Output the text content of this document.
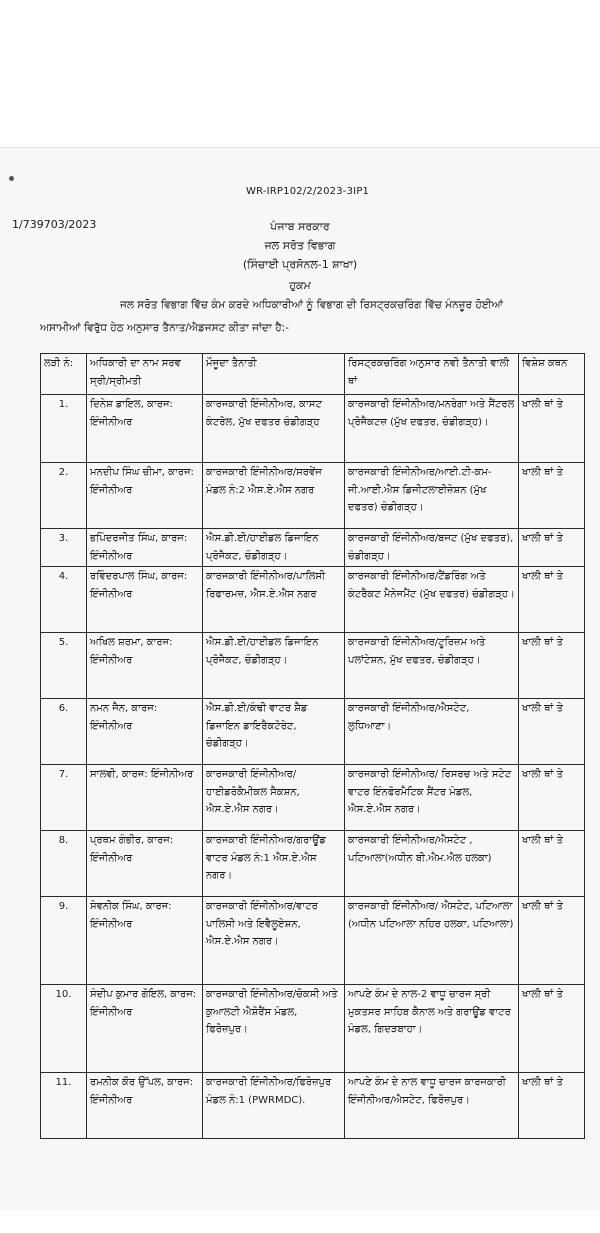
WR-IRP102/2/2023-3IP1
1/739703/2023	ਪੰਜਾਬ ਸਰਕਾਰ
ਜਲ ਸਰੋਤ ਵਿਭਾਗ
(ਸਿੰਚਾਈ ਪ੍ਰਸੋਨਲ-1 ਸ਼ਾਖਾ)
ਹੁਕਮ
ਜਲ ਸਰੋਤ ਵਿਭਾਗ ਵਿੱਚ ਕੰਮ ਕਰਦੇ ਅਧਿਕਾਰੀਆਂ ਨੂੰ ਵਿਭਾਗ ਦੀ ਰਿਸਟ੍ਰਕਚਰਿੰਗ ਵਿੱਚ ਮੰਨਜ਼ੂਰ ਹੋਈਆਂ
ਅਸਾਮੀਆਂ ਵਿਰੁੱਧ ਹੇਠ ਅਨੁਸਾਰ ਤੈਨਾਤ/ਐਡਜਸਟ ਕੀਤਾ ਜਾਂਦਾ ਹੈ:-
ਲੜੀ ਨੰ:	ਅਧਿਕਾਰੀ ਦਾ ਨਾਮ ਸਰਵ ਸ੍ਰੀ/ਸ੍ਰੀਮਤੀ	ਮੌਜੂਦਾ ਤੈਨਾਤੀ	ਰਿਸਟ੍ਰਕਚਰਿੰਗ ਅਨੁਸਾਰ ਨਵੀ ਤੈਨਾਤੀ ਵਾਲੀ ਥਾਂ	ਵਿਸ਼ੇਸ਼ ਕਥਨ
1.	ਦਿਨੇਸ਼ ਡਾਇਲ, ਕਾਰਜ: ਇੰਜੀਨੀਅਰ	ਕਾਰਜਕਾਰੀ ਇੰਜੀਨੀਅਰ, ਕਾਸਟ ਕੰਟਰੋਲ, ਮੁੱਖ ਦਫਤਰ ਚੰਡੀਗੜ੍ਹ	ਕਾਰਜਕਾਰੀ ਇੰਜੀਨੀਅਰ/ਮਨਰੇਗਾ ਅਤੇ ਸੈਂਟਰਲ ਪ੍ਰੋਜੈਕਟਜ਼ (ਮੁੱਖ ਦਫਤਰ, ਚੰਡੀਗੜ੍ਹ)।	ਖਾਲੀ ਥਾਂ ਤੇ
2.	ਮਨਦੀਪ ਸਿੰਘ ਚੀਮਾ, ਕਾਰਜ: ਇੰਜੀਨੀਅਰ	ਕਾਰਜਕਾਰੀ ਇੰਜੀਨੀਅਰ/ਸਰਵੇਂਜ ਮੰਡਲ ਨੰ:2 ਐਸ.ਏ.ਐਸ ਨਗਰ	ਕਾਰਜਕਾਰੀ ਇੰਜੀਨੀਅਰ/ਆਈ.ਟੀ-ਕਮ-ਜੀ.ਆਈ.ਐਸ ਡਿਜੀਟਲਾਈਜ਼ੇਸ਼ਨ (ਮੁੱਖ ਦਫਤਰ) ਚੰਡੀਗੜ੍ਹ।	ਖਾਲੀ ਥਾਂ ਤੇ
3.	ਭਪਿੰਦਰਜੀਤ ਸਿੰਘ, ਕਾਰਜ: ਇੰਜੀਨੀਅਰ	ਐਸ.ਡੀ.ਈ/ਹਾਈਡਲ ਡਿਜਾਇਨ ਪ੍ਰੋਜੈਕਟ, ਚੰਡੀਗੜ੍ਹ।	ਕਾਰਜਕਾਰੀ ਇੰਜੀਨੀਅਰ/ਬਜਟ (ਮੁੱਖ ਦਫਤਰ), ਚੰਡੀਗੜ੍ਹ।	ਖਾਲੀ ਥਾਂ ਤੇ
4.	ਰਵਿੰਦਰਪਾਲ ਸਿੰਘ, ਕਾਰਜ: ਇੰਜੀਨੀਅਰ	ਕਾਰਜਕਾਰੀ ਇੰਜੀਨੀਅਰ/ਪਾਲਿਸੀ ਰਿਫਾਰਮਜ਼, ਐਸ.ਏ.ਐਸ ਨਗਰ	ਕਾਰਜਕਾਰੀ ਇੰਜੀਨੀਅਰ/ਟੈਂਡਰਿੰਗ ਅਤੇ ਕੰਟਰੈਕਟ ਮੈਨੇਜਮੈਂਟ (ਮੁੱਖ ਦਫਤਰ) ਚੰਡੀਗੜ੍ਹ।	ਖਾਲੀ ਥਾਂ ਤੇ
5.	ਅਖਿਲ ਸ਼ਰਮਾ, ਕਾਰਜ: ਇੰਜੀਨੀਅਰ	ਐਸ.ਡੀ.ਈ/ਹਾਈਡਲ ਡਿਜਾਇਨ ਪ੍ਰੋਜੈਕਟ, ਚੰਡੀਗੜ੍ਹ।	ਕਾਰਜਕਾਰੀ ਇੰਜੀਨੀਅਰ/ਟੂਰਿਜ਼ਮ ਅਤੇ ਪਲਾਂਟੇਸ਼ਨ, ਮੁੱਖ ਦਫਤਰ, ਚੰਡੀਗੜ੍ਹ।	ਖਾਲੀ ਥਾਂ ਤੇ
6.	ਨਮਨ ਜੈਨ, ਕਾਰਜ: ਇੰਜੀਨੀਅਰ	ਐਸ.ਡੀ.ਈ/ਕੰਢੀ ਵਾਟਰ ਸ਼ੈਡ ਡਿਜਾਇਨ ਡਾਇਰੈਕਟੋਰੇਟ, ਚੰਡੀਗੜ੍ਹ।	ਕਾਰਜਕਾਰੀ ਇੰਜੀਨੀਅਰ/ਐਸਟੇਟ, ਲੁਧਿਆਣਾ।	ਖਾਲੀ ਥਾਂ ਤੇ
7.	ਸਾਲਵੀ, ਕਾਰਜ: ਇੰਜੀਨੀਅਰ	ਕਾਰਜਕਾਰੀ ਇੰਜੀਨੀਅਰ/ਹਾਈਡਰੋਕੈਮੀਕਲ ਸੈਕਸ਼ਨ, ਐਸ.ਏ.ਐਸ ਨਗਰ।	ਕਾਰਜਕਾਰੀ ਇੰਜੀਨੀਅਰ/ ਰਿਸਰਚ ਅਤੇ ਸਟੇਟ ਵਾਟਰ ਇੰਨਫੋਰਮੈਟਿਕ ਸੈਂਟਰ ਮੰਡਲ, ਐਸ.ਏ.ਐਸ ਨਗਰ।	ਖਾਲੀ ਥਾਂ ਤੇ
8.	ਪ੍ਰਥਮ ਗੰਭੀਰ, ਕਾਰਜ: ਇੰਜੀਨੀਅਰ	ਕਾਰਜਕਾਰੀ ਇੰਜੀਨੀਅਰ/ਗਰਾਊਂਡ ਵਾਟਰ ਮੰਡਲ ਨੰ:1 ਐਸ.ਏ.ਐਸ ਨਗਰ।	ਕਾਰਜਕਾਰੀ ਇੰਜੀਨੀਅਰ/ਐਸਟੇਟ , ਪਟਿਆਲਾ(ਅਧੀਨ ਬੀ.ਐਮ.ਐਲ ਹਲਕਾ)	ਖਾਲੀ ਥਾਂ ਤੇ
9.	ਸੇਵਨੀਕ ਸਿੰਘ, ਕਾਰਜ: ਇੰਜੀਨੀਅਰ	ਕਾਰਜਕਾਰੀ ਇੰਜੀਨੀਅਰ/ਵਾਟਰ ਪਾਲਿਸੀ ਅਤੇ ਇਵੈਲੂਏਸ਼ਨ, ਐਸ.ਏ.ਐਸ ਨਗਰ।	ਕਾਰਜਕਾਰੀ ਇੰਜੀਨੀਅਰ/ ਐਸਟੇਟ, ਪਟਿਆਲਾ (ਅਧੀਨ ਪਟਿਆਲਾ ਨਹਿਰ ਹਲਕਾ, ਪਟਿਆਲਾ)	ਖਾਲੀ ਥਾਂ ਤੇ
10.	ਸੰਦੀਪ ਕੁਮਾਰ ਗੋਇਲ, ਕਾਰਜ: ਇੰਜੀਨੀਅਰ	ਕਾਰਜਕਾਰੀ ਇੰਜੀਨੀਅਰ/ਚੋਕਸੀ ਅਤੇ ਕੁਆਲਟੀ ਐਸ਼ੋਰੈਂਸ ਮੰਡਲ, ਫਿਰੋਜ਼ਪੁਰ।	ਆਪਣੇ ਕੰਮ ਦੇ ਨਾਲ-2 ਵਾਧੂ ਚਾਰਜ ਸ੍ਰੀ ਮੁਕਤਸਰ ਸਾਹਿਬ ਕੈਨਾਲ ਅਤੇ ਗਰਾਊਂਡ ਵਾਟਰ ਮੰਡਲ, ਗਿਦੜਬਾਹਾ।	ਖਾਲੀ ਥਾਂ ਤੇ
11.	ਰਮਨੀਕ ਕੌਰ ਉੱਪਲ, ਕਾਰਜ: ਇੰਜੀਨੀਅਰ	ਕਾਰਜਕਾਰੀ ਇੰਜੀਨੀਅਰ/ਫਿਰੋਜ਼ਪੁਰ ਮੰਡਲ ਨੰ:1 (PWRMDC).	ਆਪਣੇ ਕੰਮ ਦੇ ਨਾਲ ਵਾਧੂ ਚਾਰਜ ਕਾਰਜਕਾਰੀ ਇੰਜੀਨੀਅਰ/ਐਸਟੇਟ, ਫਿਰੋਜ਼ਪੁਰ।	ਖਾਲੀ ਥਾਂ ਤੇ
